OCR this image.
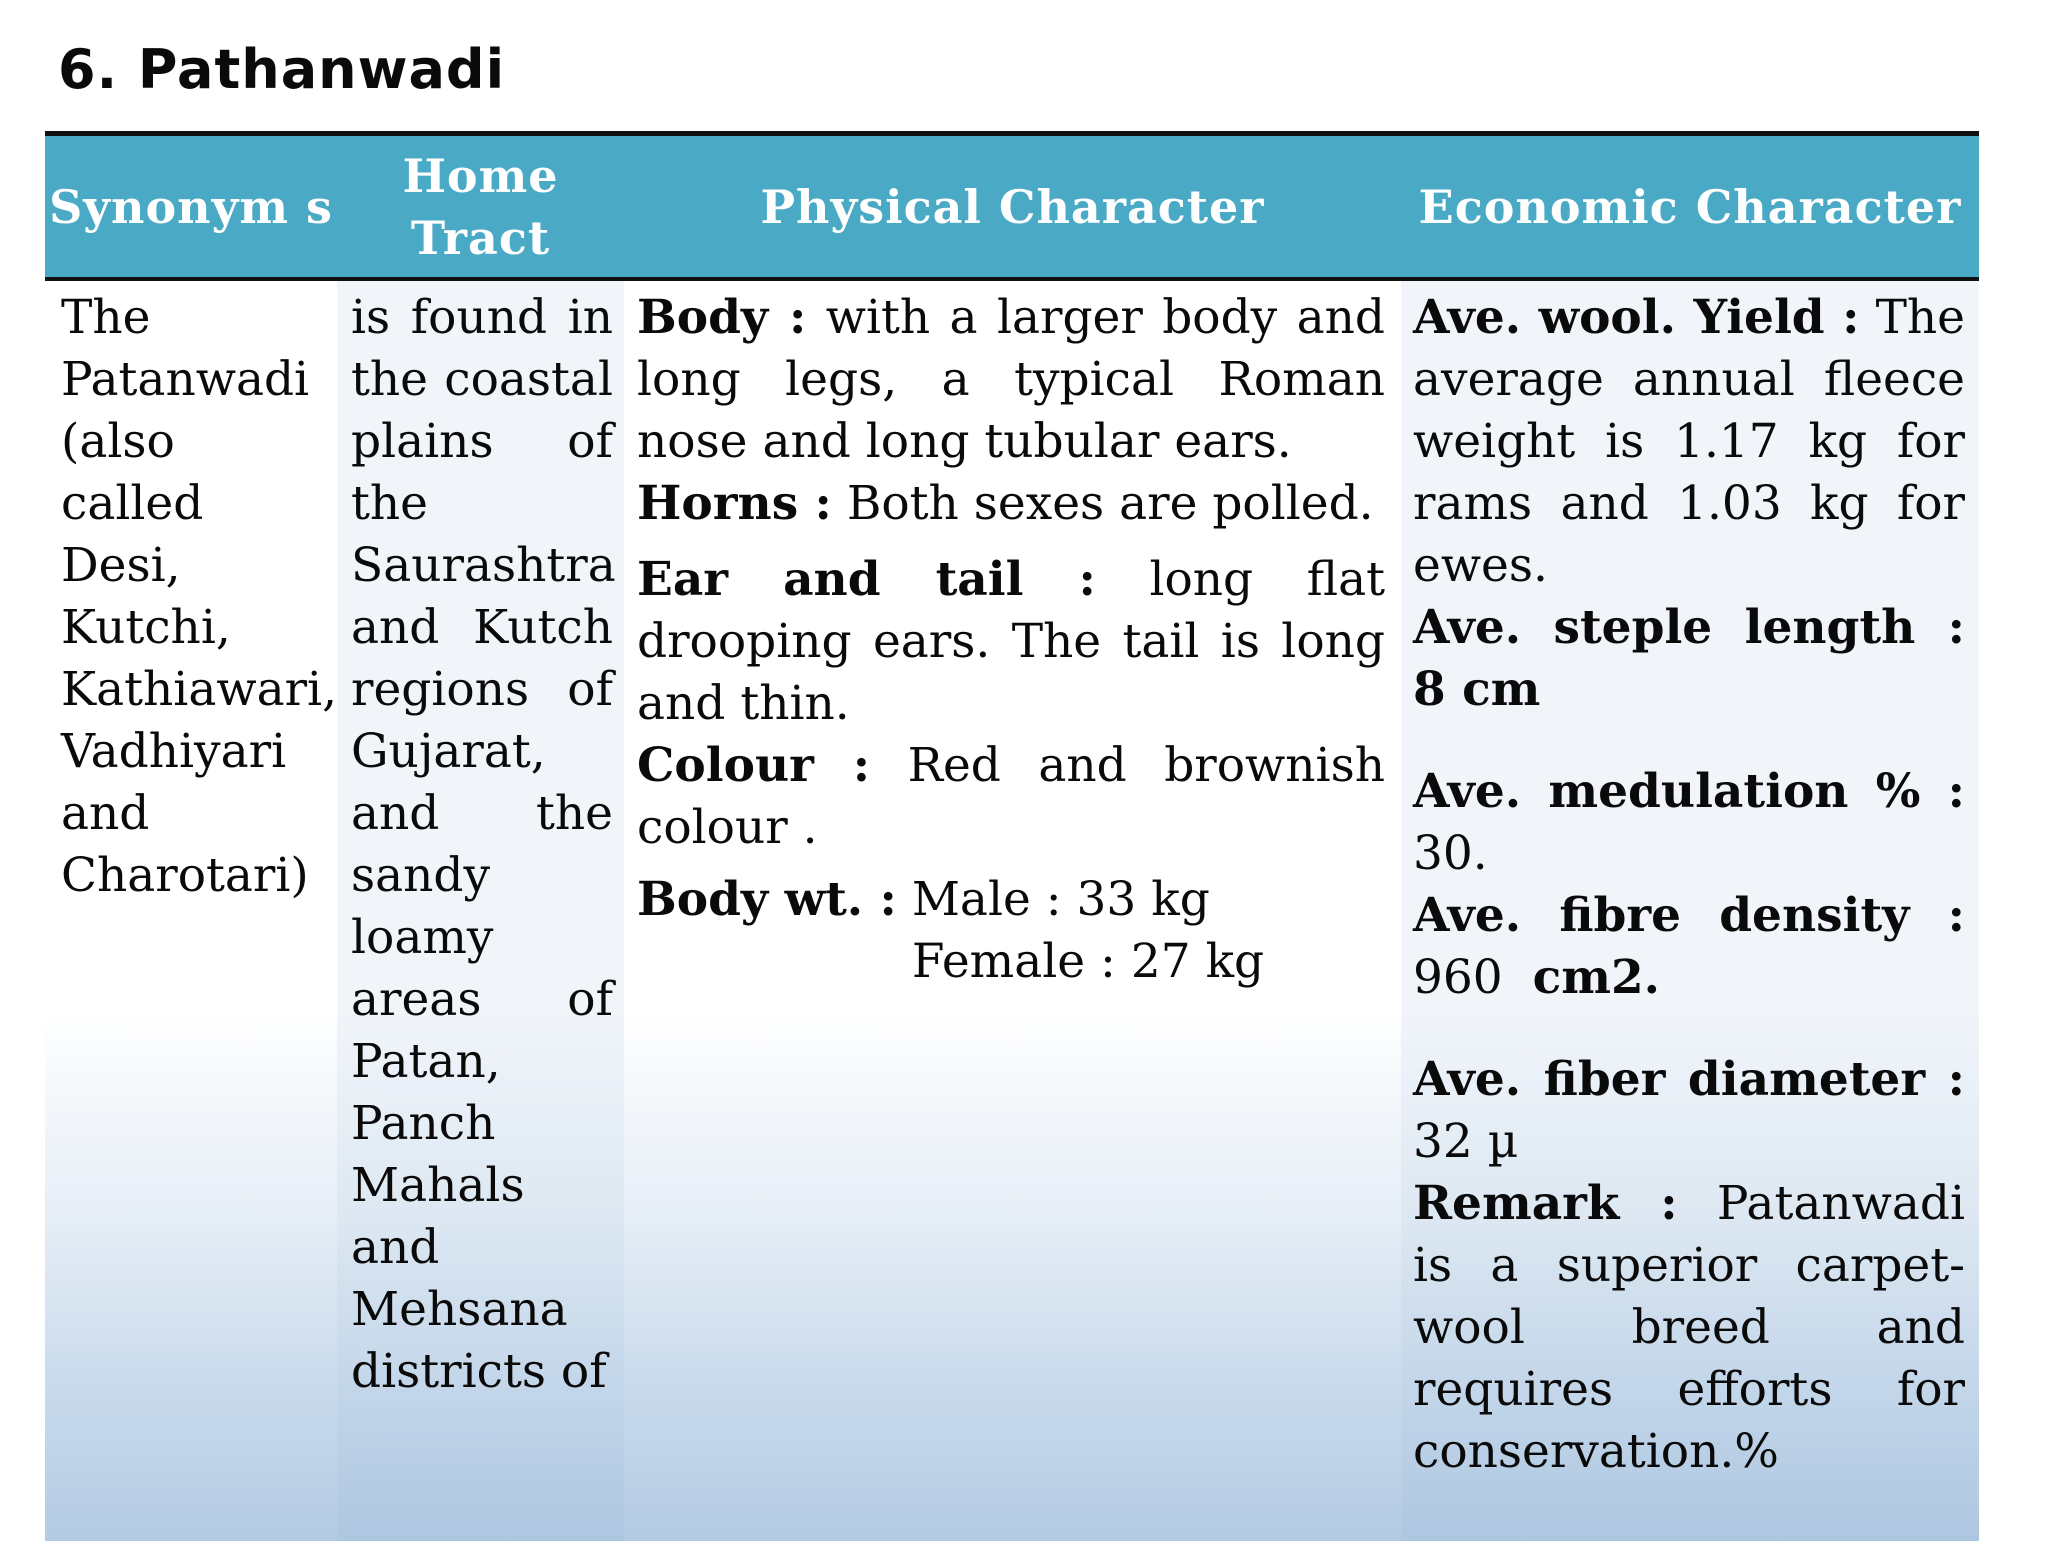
6. Pathanwadi
Synonym s
Home Tract
Physical Character	Economic Character
The Patanwadi (also called Desi, Kutchi, Kathiawari, Vadhiyari and Charotari)
is found in the coastal plains of the Saurashtra and Kutch regions of Gujarat, and the sandy loamy areas of Patan, Panch Mahals and Mehsana districts of

Body : with a larger body and long legs, a typical Roman nose and long tubular ears.

Horns : Both sexes are polled.

Ear and tail : long flat drooping ears. The tail is long and thin.

Colour : Red and brownish colour .

Body wt. :
Male : 33 kg
Female : 27 kg

Ave. wool. Yield : The average annual fleece weight is 1.17 kg for rams and 1.03 kg for ewes.

Ave. steple length : 8 cm

Ave. medulation % : 30.

Ave. fibre density : 960 cm2.

Ave. fiber diameter : 32 µ

Remark : Patanwadi is a superior carpet-wool breed and requires efforts for conservation.%
